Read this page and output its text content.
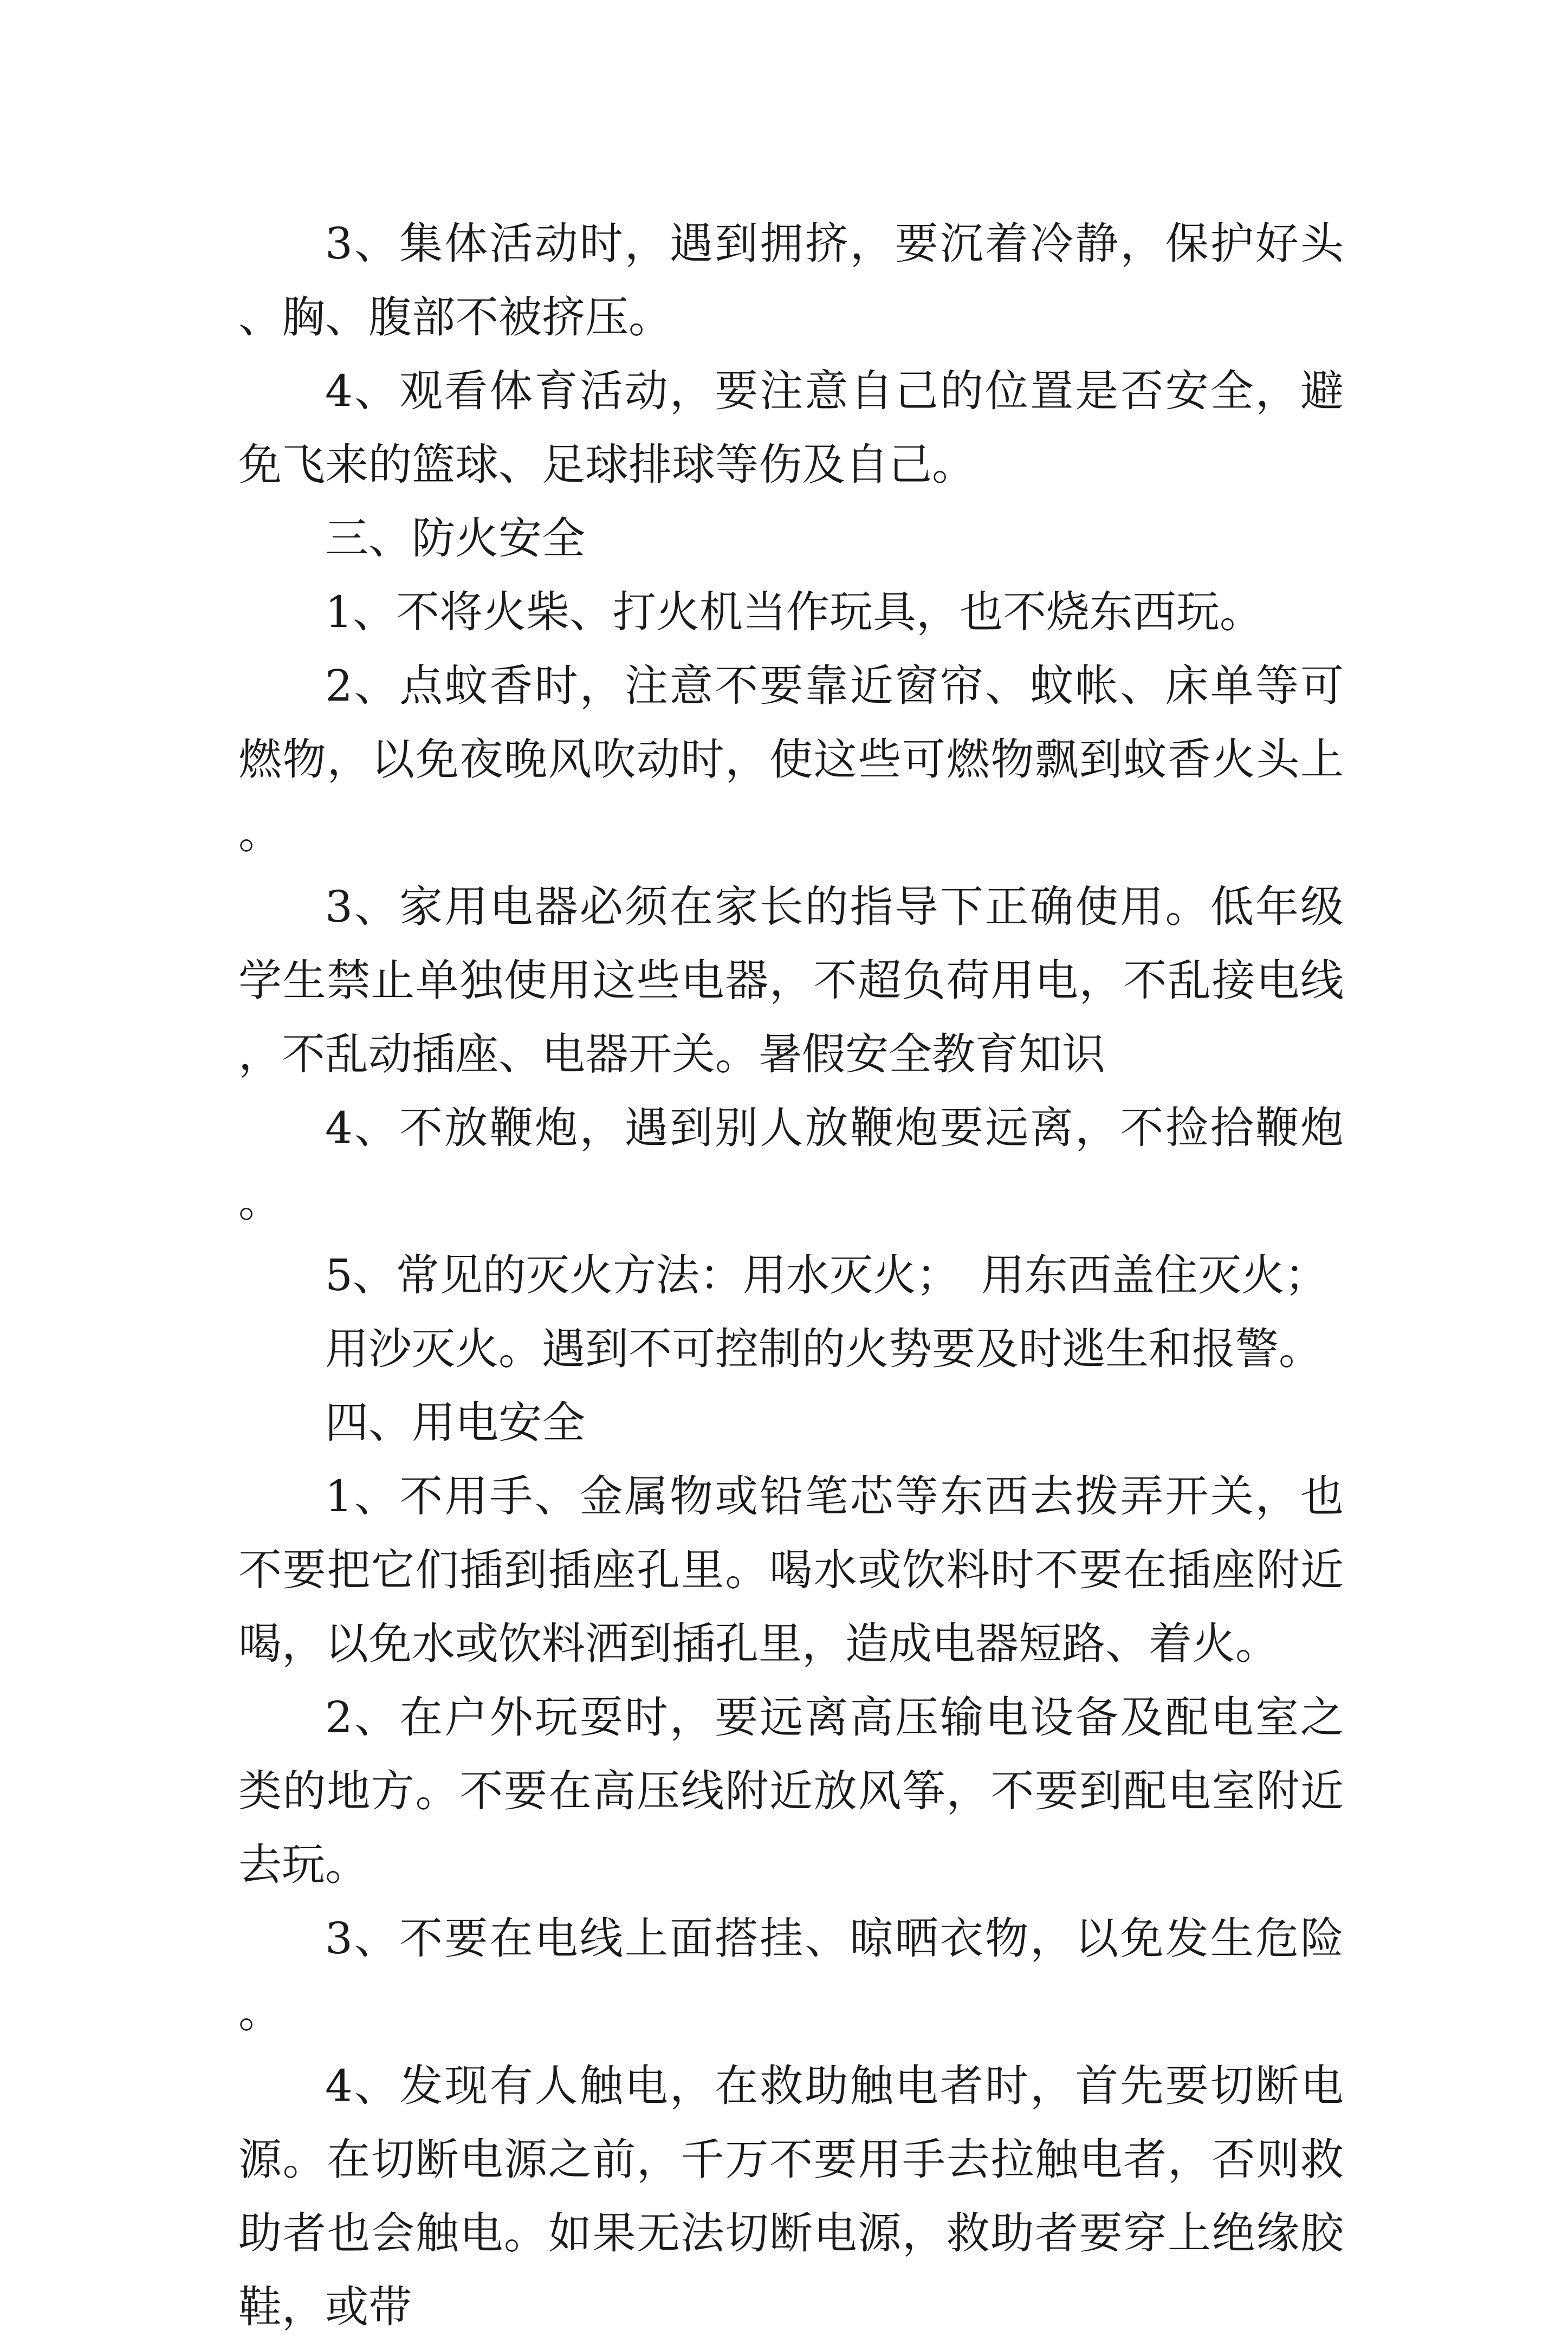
3、集体活动时，遇到拥挤，要沉着冷静，保护好头、胸、腹部不被挤压。

4、观看体育活动，要注意自己的位置是否安全，避免飞来的篮球、足球排球等伤及自己。

三、防火安全

1、不将火柴、打火机当作玩具，也不烧东西玩。

2、点蚊香时，注意不要靠近窗帘、蚊帐、床单等可燃物，以免夜晚风吹动时，使这些可燃物飘到蚊香火头上。

3、家用电器必须在家长的指导下正确使用。低年级学生禁止单独使用这些电器，不超负荷用电，不乱接电线，不乱动插座、电器开关。暑假安全教育知识

4、不放鞭炮，遇到别人放鞭炮要远离，不捡拾鞭炮。

5、常见的灭火方法：用水灭火；　用东西盖住灭火；

用沙灭火。遇到不可控制的火势要及时逃生和报警。

四、用电安全

1、不用手、金属物或铅笔芯等东西去拨弄开关，也不要把它们插到插座孔里。喝水或饮料时不要在插座附近喝，以免水或饮料洒到插孔里，造成电器短路、着火。

2、在户外玩耍时，要远离高压输电设备及配电室之类的地方。不要在高压线附近放风筝，不要到配电室附近去玩。

3、不要在电线上面搭挂、晾晒衣物，以免发生危险。

4、发现有人触电，在救助触电者时，首先要切断电源。在切断电源之前，千万不要用手去拉触电者，否则救助者也会触电。如果无法切断电源，救助者要穿上绝缘胶鞋，或带
